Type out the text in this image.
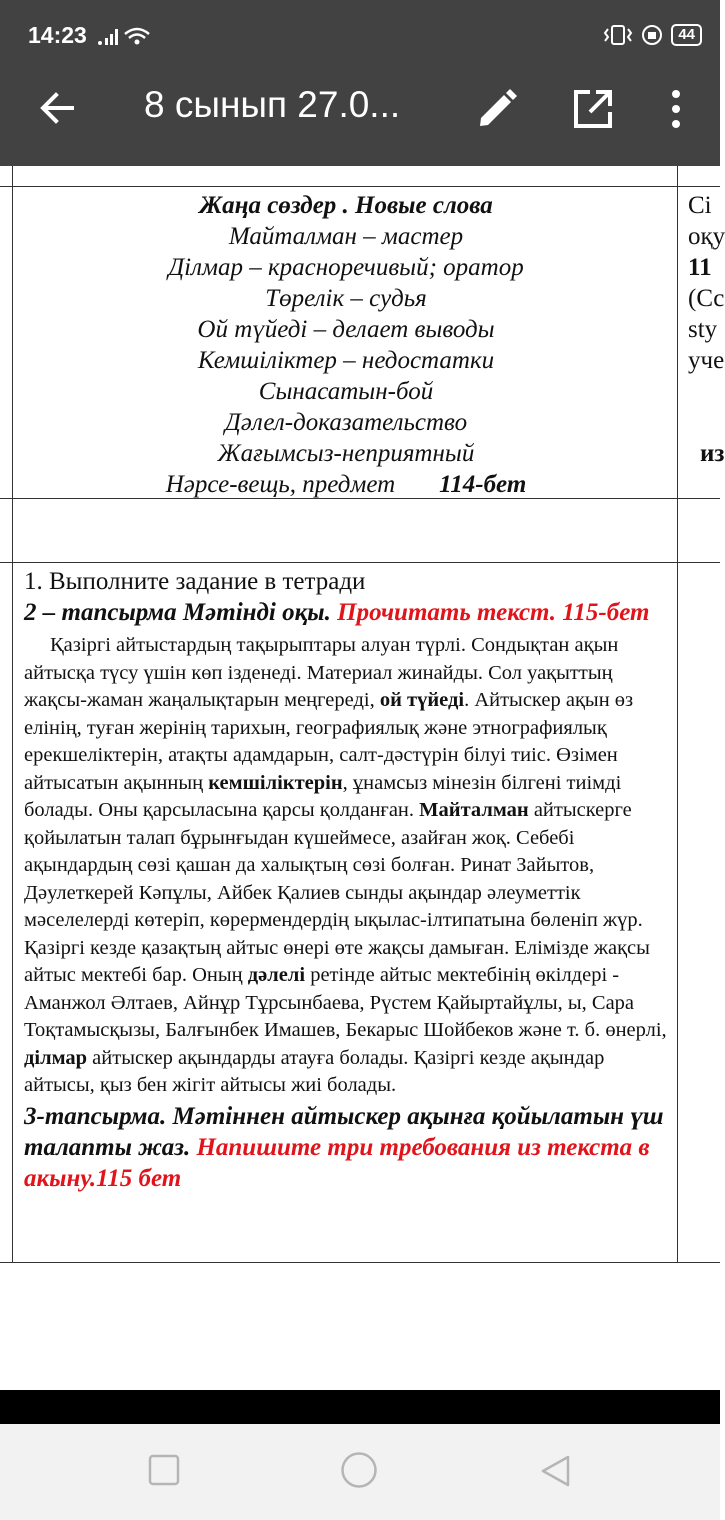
14:23	44
8 сынып 27.0...
Жаңа сөздер . Новые слова
Майталман – мастер
Ділмар – красноречивый; оратор
Төрелік – судья
Ой түйеді – делает выводы
Кемшіліктер – недостатки
Сынасатын-бой
Дәлел-доказательство
Жағымсыз-неприятный
Нәрсе-вещь, предмет 114-бет
Сі
оқу
11
(Сс
stу
уче
из
1. Выполните задание в тетради
2 – тапсырма Мәтінді оқы. Прочитать текст. 115-бет
Қазіргі айтыстардың тақырыптары алуан түрлі. Сондықтан ақын айтысқа түсу үшін көп ізденеді. Материал жинайды. Сол уақыттың жақсы-жаман жаңалықтарын меңгереді, ой түйеді. Айтыскер ақын өз елінің, туған жерінің тарихын, географиялық және этнографиялық ерекшеліктерін, атақты адамдарын, салт-дәстүрін білуі тиіс. Өзімен айтысатын ақынның кемшіліктерін, ұнамсыз мінезін білгені тиімді болады. Оны қарсыласына қарсы қолданған. Майталман айтыскерге қойылатын талап бұрынғыдан күшеймесе, азайған жоқ. Себебі ақындардың сөзі қашан да халықтың сөзі болған. Ринат Зайытов, Дәулеткерей Кәпұлы, Айбек Қалиев сынды ақындар әлеуметтік мәселелерді көтеріп, көрермендердің ықылас-ілтипатына бөленіп жүр. Қазіргі кезде қазақтың айтыс өнері өте жақсы дамыған. Елімізде жақсы айтыс мектебі бар. Оның дәлелі ретінде айтыс мектебінің өкілдері - Аманжол Әлтаев, Айнұр Тұрсынбаева, Рүстем Қайыртайұлы, ы, Сара Тоқтамысқызы, Балғынбек Имашев, Бекарыс Шойбеков және т. б. өнерлі, ділмар айтыскер ақындарды атауға болады. Қазіргі кезде ақындар айтысы, қыз бен жігіт айтысы жиі болады.
3-тапсырма. Мәтіннен айтыскер ақынға қойылатын үш талапты жаз. Напишите три требования из текста в акыну.115 бет
